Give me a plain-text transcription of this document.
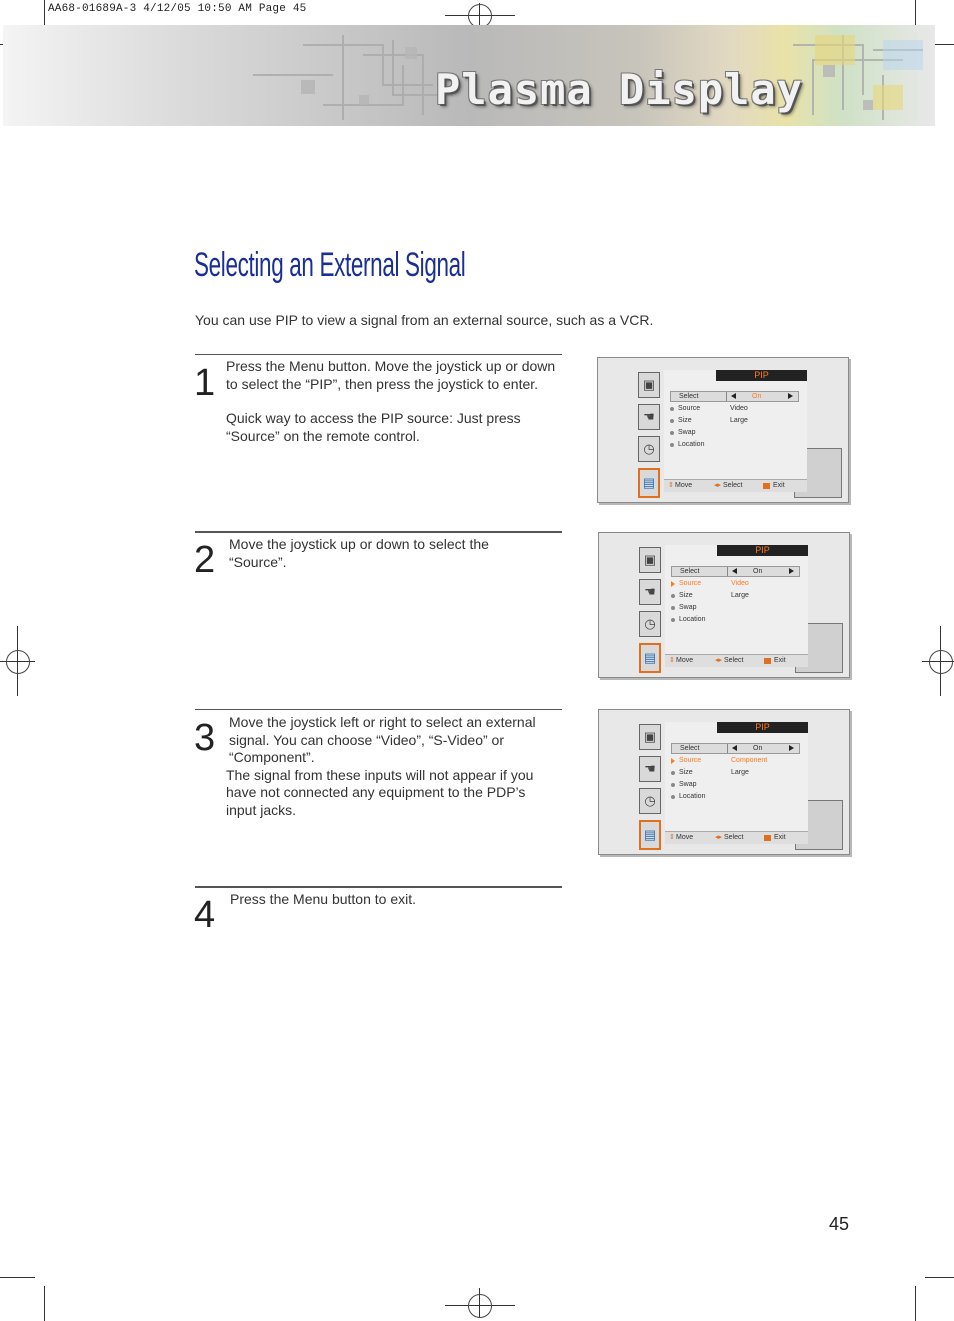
AA68-01689A-3 4/12/05 10:50 AM Page 45
Plasma Display
Selecting an External Signal
You can use PIP to view a signal from an external source, such as a VCR.
1 Press the Menu button. Move the joystick up or down to select the “PIP”, then press the joystick to enter.

Quick way to access the PIP source: Just press “Source” on the remote control.

2 Move the joystick up or down to select the “Source”.

3 Move the joystick left or right to select an external signal. You can choose “Video”, “S-Video” or “Component”.

The signal from these inputs will not appear if you have not connected any equipment to the PDP’s input jacks.

4 Press the Menu button to exit.

▣
☚
◷
▤
PIP
Select	On
Source	Video
Size	Large
Swap
Location
⇕ Move	◂▸ Select	Exit
▣
☚
◷
▤
PIP
Select	On
Source	Video
Size	Large
Swap
Location
⇕ Move	◂▸ Select	Exit
▣
☚
◷
▤
PIP
Select	On
Source	Component
Size	Large
Swap
Location
⇕ Move	◂▸ Select	Exit
45
